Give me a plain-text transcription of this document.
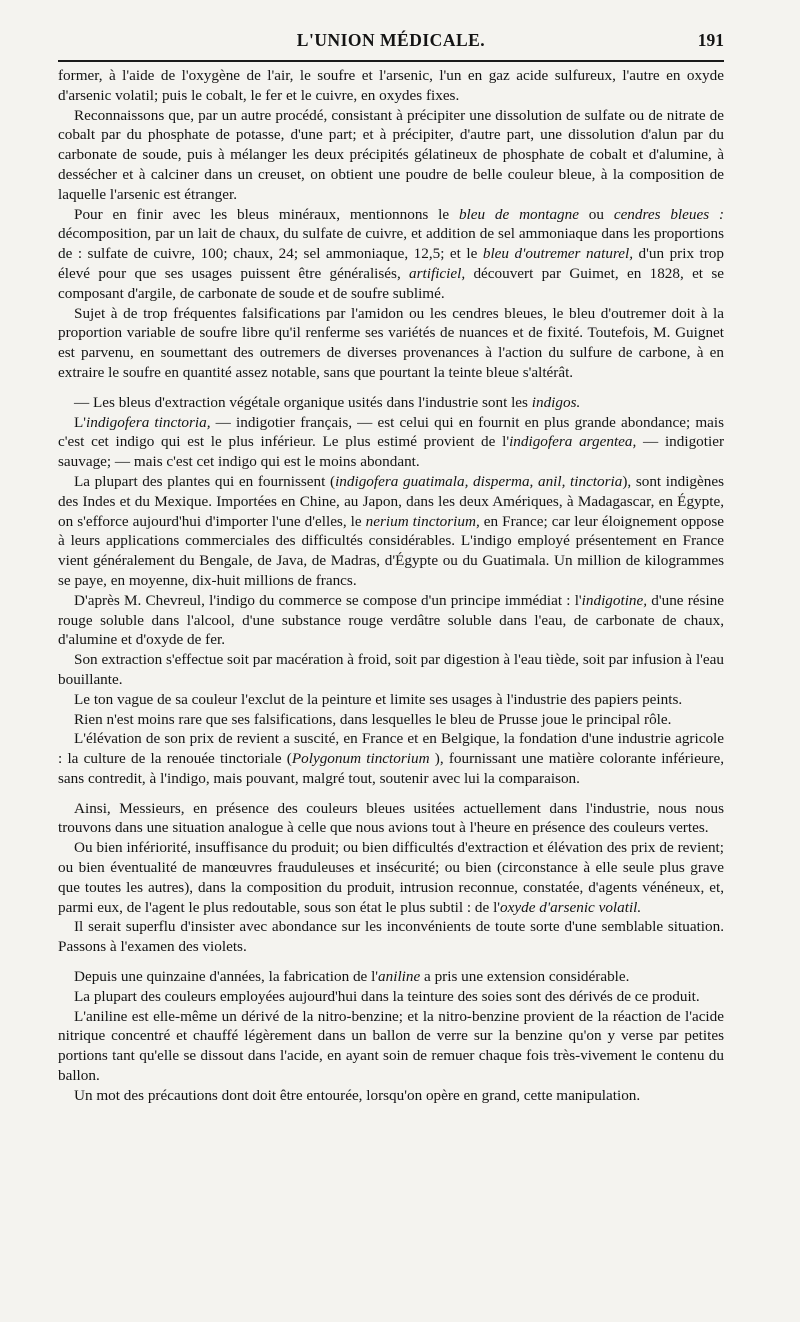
L'UNION MÉDICALE.	191

former, à l'aide de l'oxygène de l'air, le soufre et l'arsenic, l'un en gaz acide sulfureux, l'autre en oxyde d'arsenic volatil; puis le cobalt, le fer et le cuivre, en oxydes fixes.

Reconnaissons que, par un autre procédé, consistant à précipiter une dissolution de sulfate ou de nitrate de cobalt par du phosphate de potasse, d'une part; et à précipiter, d'autre part, une dissolution d'alun par du carbonate de soude, puis à mélanger les deux précipités gélatineux de phosphate de cobalt et d'alumine, à dessécher et à calciner dans un creuset, on obtient une poudre de belle couleur bleue, à la composition de laquelle l'arsenic est étranger.

Pour en finir avec les bleus minéraux, mentionnons le bleu de montagne ou cendres bleues : décomposition, par un lait de chaux, du sulfate de cuivre, et addition de sel ammoniaque dans les proportions de : sulfate de cuivre, 100; chaux, 24; sel ammoniaque, 12,5; et le bleu d'outremer naturel, d'un prix trop élevé pour que ses usages puissent être généralisés, artificiel, découvert par Guimet, en 1828, et se composant d'argile, de carbonate de soude et de soufre sublimé.

Sujet à de trop fréquentes falsifications par l'amidon ou les cendres bleues, le bleu d'outremer doit à la proportion variable de soufre libre qu'il renferme ses variétés de nuances et de fixité. Toutefois, M. Guignet est parvenu, en soumettant des outremers de diverses provenances à l'action du sulfure de carbone, à en extraire le soufre en quantité assez notable, sans que pourtant la teinte bleue s'altérât.

— Les bleus d'extraction végétale organique usités dans l'industrie sont les indigos.

L'indigofera tinctoria, — indigotier français, — est celui qui en fournit en plus grande abondance; mais c'est cet indigo qui est le plus inférieur. Le plus estimé provient de l'indigofera argentea, — indigotier sauvage; — mais c'est cet indigo qui est le moins abondant.

La plupart des plantes qui en fournissent (indigofera guatimala, disperma, anil, tinctoria), sont indigènes des Indes et du Mexique. Importées en Chine, au Japon, dans les deux Amériques, à Madagascar, en Égypte, on s'efforce aujourd'hui d'importer l'une d'elles, le nerium tinctorium, en France; car leur éloignement oppose à leurs applications commerciales des difficultés considérables. L'indigo employé présentement en France vient généralement du Bengale, de Java, de Madras, d'Égypte ou du Guatimala. Un million de kilogrammes se paye, en moyenne, dix-huit millions de francs.

D'après M. Chevreul, l'indigo du commerce se compose d'un principe immédiat : l'indigotine, d'une résine rouge soluble dans l'alcool, d'une substance rouge verdâtre soluble dans l'eau, de carbonate de chaux, d'alumine et d'oxyde de fer.

Son extraction s'effectue soit par macération à froid, soit par digestion à l'eau tiède, soit par infusion à l'eau bouillante.

Le ton vague de sa couleur l'exclut de la peinture et limite ses usages à l'industrie des papiers peints.

Rien n'est moins rare que ses falsifications, dans lesquelles le bleu de Prusse joue le principal rôle.

L'élévation de son prix de revient a suscité, en France et en Belgique, la fondation d'une industrie agricole : la culture de la renouée tinctoriale (Polygonum tinctorium ), fournissant une matière colorante inférieure, sans contredit, à l'indigo, mais pouvant, malgré tout, soutenir avec lui la comparaison.

Ainsi, Messieurs, en présence des couleurs bleues usitées actuellement dans l'industrie, nous nous trouvons dans une situation analogue à celle que nous avions tout à l'heure en présence des couleurs vertes.

Ou bien infériorité, insuffisance du produit; ou bien difficultés d'extraction et élévation des prix de revient; ou bien éventualité de manœuvres frauduleuses et insécurité; ou bien (circonstance à elle seule plus grave que toutes les autres), dans la composition du produit, intrusion reconnue, constatée, d'agents vénéneux, et, parmi eux, de l'agent le plus redoutable, sous son état le plus subtil : de l'oxyde d'arsenic volatil.

Il serait superflu d'insister avec abondance sur les inconvénients de toute sorte d'une semblable situation. Passons à l'examen des violets.

Depuis une quinzaine d'années, la fabrication de l'aniline a pris une extension considérable.

La plupart des couleurs employées aujourd'hui dans la teinture des soies sont des dérivés de ce produit.

L'aniline est elle-même un dérivé de la nitro-benzine; et la nitro-benzine provient de la réaction de l'acide nitrique concentré et chauffé légèrement dans un ballon de verre sur la benzine qu'on y verse par petites portions tant qu'elle se dissout dans l'acide, en ayant soin de remuer chaque fois très-vivement le contenu du ballon.

Un mot des précautions dont doit être entourée, lorsqu'on opère en grand, cette manipulation.
